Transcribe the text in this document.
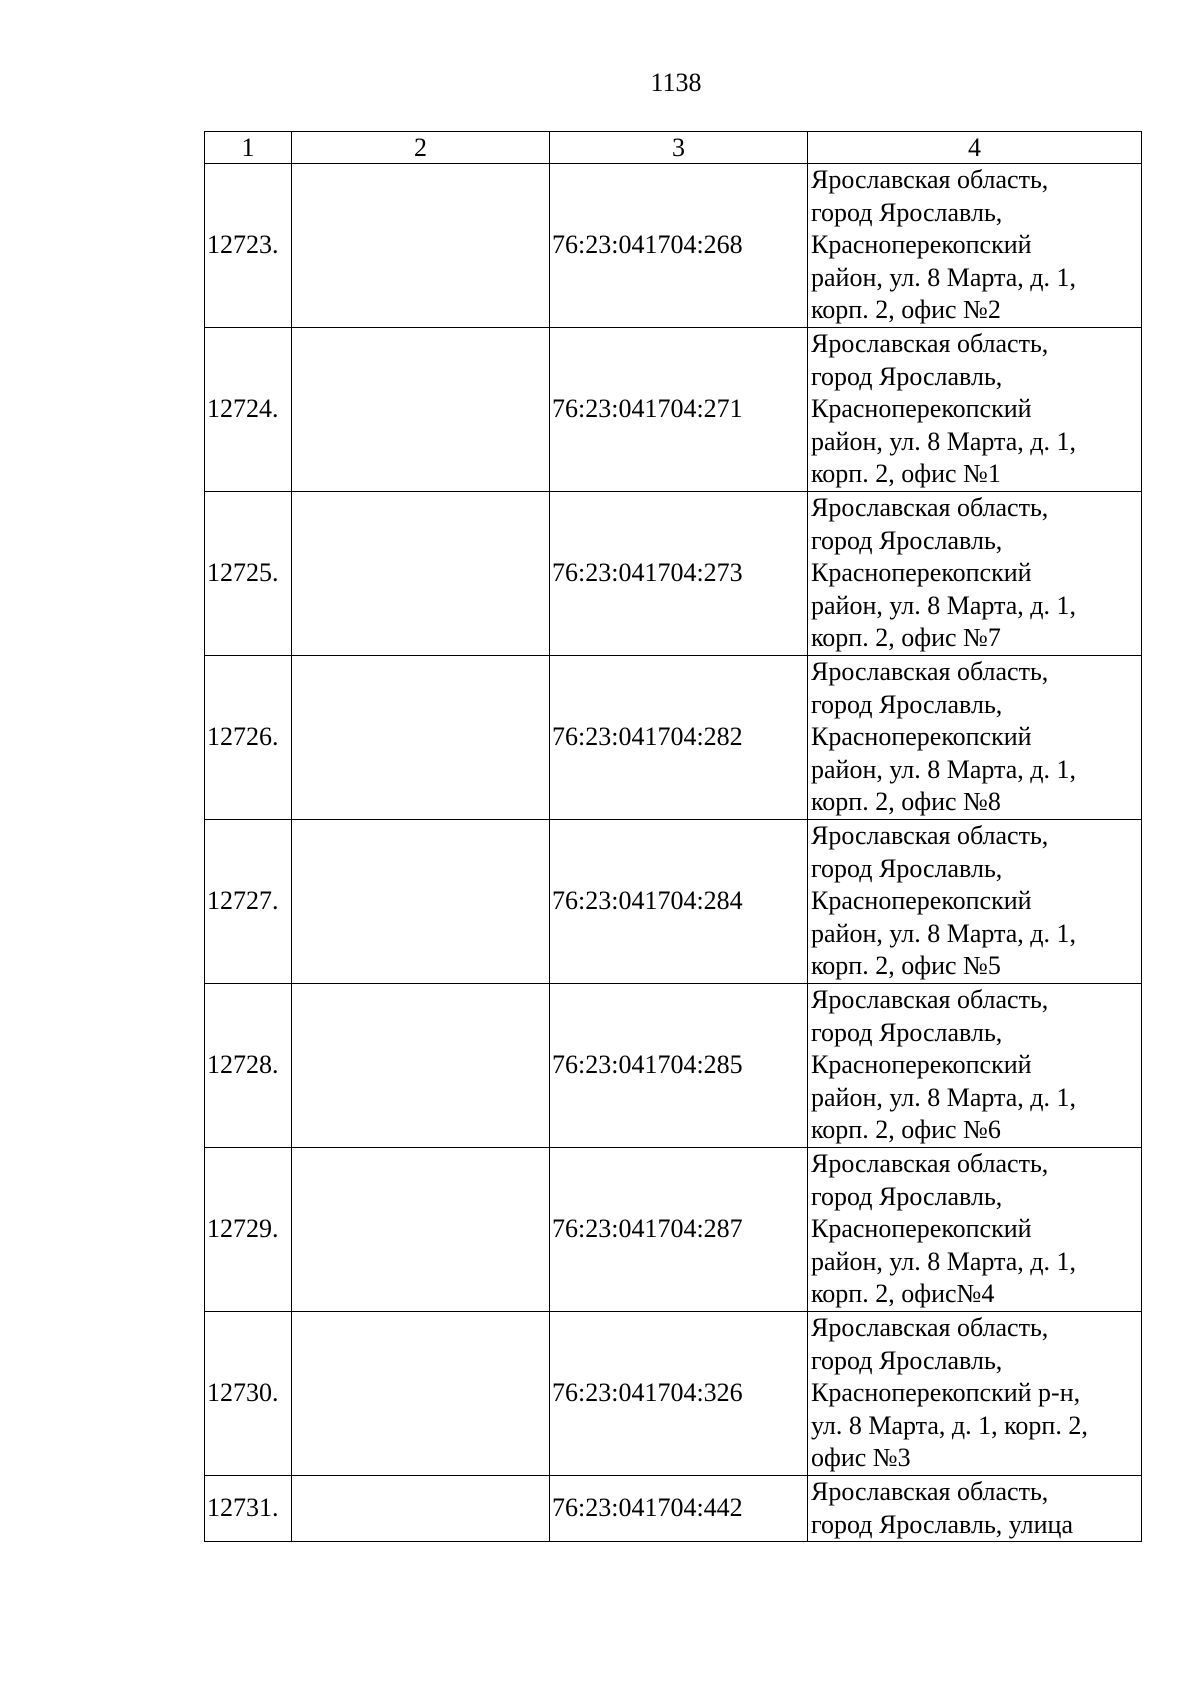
1138
1	2	3	4
12723.		76:23:041704:268	Ярославская область,
город Ярославль,
Красноперекопский
район, ул. 8 Марта, д. 1,
корп. 2, офис №2

12724.		76:23:041704:271	Ярославская область,
город Ярославль,
Красноперекопский
район, ул. 8 Марта, д. 1,
корп. 2, офис №1

12725.		76:23:041704:273	Ярославская область,
город Ярославль,
Красноперекопский
район, ул. 8 Марта, д. 1,
корп. 2, офис №7

12726.		76:23:041704:282	Ярославская область,
город Ярославль,
Красноперекопский
район, ул. 8 Марта, д. 1,
корп. 2, офис №8

12727.		76:23:041704:284	Ярославская область,
город Ярославль,
Красноперекопский
район, ул. 8 Марта, д. 1,
корп. 2, офис №5

12728.		76:23:041704:285	Ярославская область,
город Ярославль,
Красноперекопский
район, ул. 8 Марта, д. 1,
корп. 2, офис №6

12729.		76:23:041704:287	Ярославская область,
город Ярославль,
Красноперекопский
район, ул. 8 Марта, д. 1,
корп. 2, офис№4

12730.		76:23:041704:326	Ярославская область,
город Ярославль,
Красноперекопский р-н,
ул. 8 Марта, д. 1, корп. 2,
офис №3

12731.		76:23:041704:442	Ярославская область,
город Ярославль, улица
